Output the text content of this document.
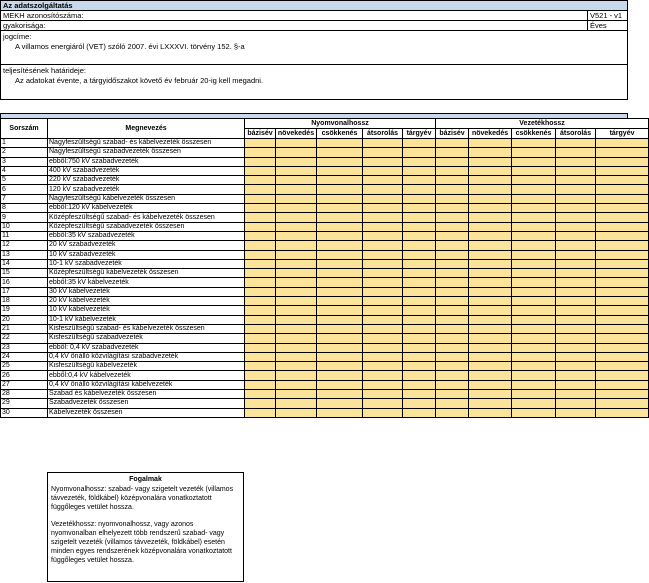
Az adatszolgáltatás
MEKH azonosítószáma:	V521 - v1
gyakorisága:	Éves
jogcíme:
A villamos energiáról (VET) szóló 2007. évi LXXXVI. törvény 152. §-a
teljesítésének határideje:
Az adatokat évente, a tárgyidőszakot követő év február 20-ig kell megadni.
Sorszám	Megnevezés	Nyomvonalhossz					Vezetékhossz				
		bázisév	növekedés	csökkenés	átsorolás	tárgyév	bázisév	növekedés	csökkenés	átsorolás	tárgyév
1	Nagyfeszültségű szabad- és kábelvezeték összesen										
2	Nagyfeszültségű szabadvezeték összesen										
3	ebből:750 kV szabadvezeték										
4	400 kV szabadvezeték										
5	220 kV szabadvezeték										
6	120 kV szabadvezeték										
7	Nagyfeszültségű kábelvezeték összesen										
8	ebből:120 kV kábelvezeték										
9	Középfeszültségű szabad- és kábelvezeték összesen										
10	Középfeszültségű szabadvezeték összesen										
11	ebből:35 kV szabadvezeték										
12	20 kV szabadvezeték										
13	10 kV szabadvezeték										
14	10-1 kV szabadvezeték										
15	Középfeszültségű kábelvezeték összesen										
16	ebből:35 kV kábelvezeték										
17	30 kV kábelvezeték										
18	20 kV kábelvezeték										
19	10 kV kábelvezeték										
20	10-1 kV kábelvezeték										
21	Kisfeszültségű szabad- és kábelvezeték összesen										
22	Kisfeszültségű szabadvezeték										
23	ebből: 0,4 kV szabadvezeték										
24	0,4 kV önálló közvilágítási szabadvezeték										
25	Kisfeszültségű kábelvezeték										
26	ebből:0,4 kV kábelvezeték										
27	0,4 kV önálló közvilágítási kábelvezeték										
28	Szabad és kábelvezeték összesen										
29	Szabadvezeték összesen										
30	Kábelvezeték összesen										
Fogalmak
Nyomvonalhossz: szabad- vagy szigetelt vezeték (villamos távvezeték, földkábel) középvonalára vonatkoztatott függőleges vetület hossza.
Vezetékhossz: nyomvonalhossz, vagy azonos nyomvonalban elhelyezett több rendszerű szabad- vagy szigetelt vezeték (villamos távvezeték, földkábel) esetén minden egyes rendszerének középvonalára vonatkoztatott függőleges vetület hossza.
